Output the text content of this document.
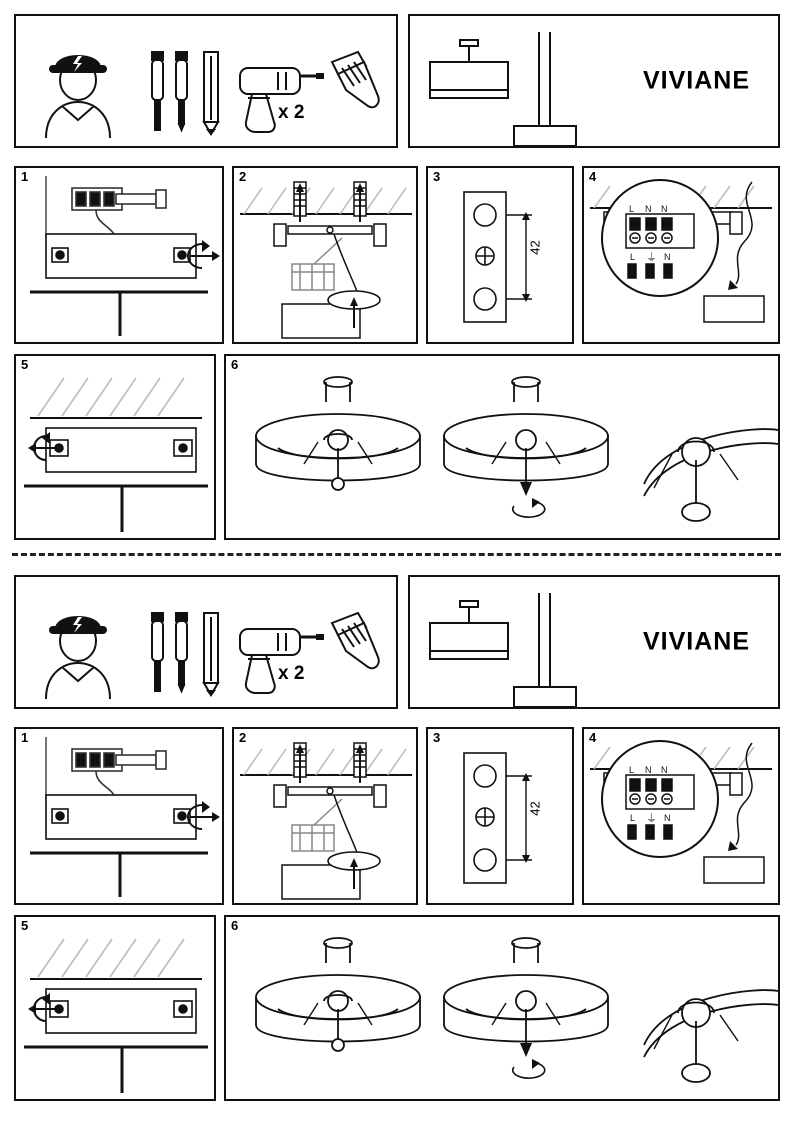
x 2
VIVIANE
1	2	3
42
4
L N N
L	N
⏚
5	6
x 2
VIVIANE
1	2	3
42
4
L N N
L	N
⏚
5	6
